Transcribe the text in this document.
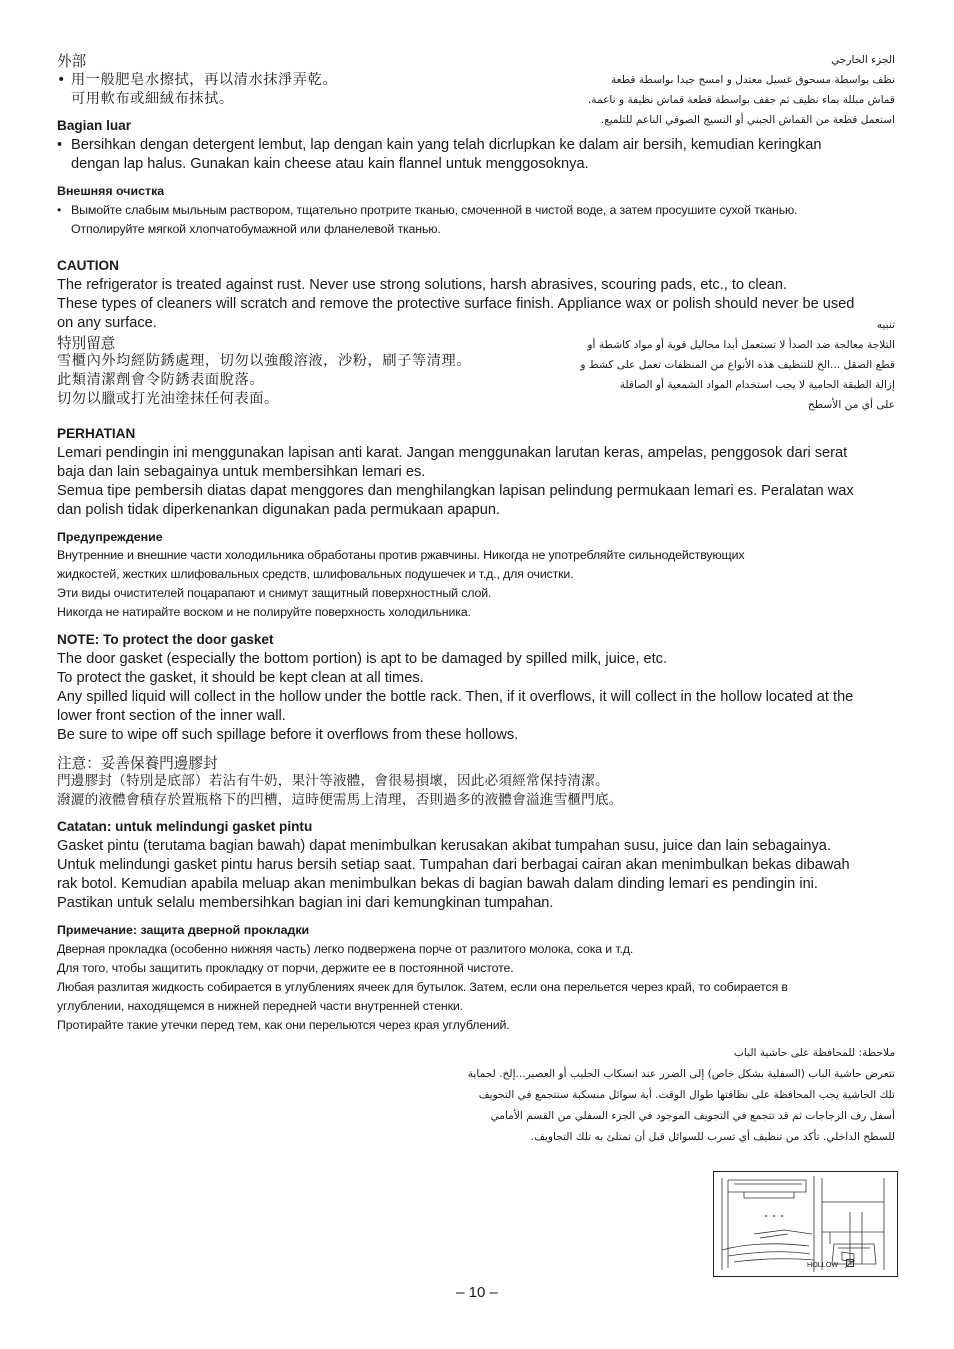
外部
• 用一般肥皂水擦拭，再以清水抹淨弄乾。
可用軟布或細絨布抹拭。
الجزء الخارجي
نظف بواسطة مسحوق غسيل معتدل و امسح جيدا بواسطة قطعة
قماش مبللة بماء نظيف ثم جفف بواسطة قطعة قماش نظيفة و ناعمة.
استعمل قطعة من القماش الجبني أو النسيج الصوفي الناعم للتلميع.
Bagian luar
• Bersihkan dengan detergent lembut, lap dengan kain yang telah dicrlupkan ke dalam air bersih, kemudian keringkan
dengan lap halus. Gunakan kain cheese atau kain flannel untuk menggosoknya.
Внешняя очистка
• Вымойте слабым мыльным раствором, тщательно протрите тканью, смоченной в чистой воде, а затем просушите сухой тканью.
Отполируйте мягкой хлопчатобумажной или фланелевой тканью.
CAUTION
The refrigerator is treated against rust. Never use strong solutions, harsh abrasives, scouring pads, etc., to clean.
These types of cleaners will scratch and remove the protective surface finish. Appliance wax or polish should never be used
on any surface.
特別留意
雪櫃內外均經防銹處理，切勿以強酸溶液，沙粉，刷子等清理。
此類清潔劑會令防銹表面脫落。
切勿以臘或打光油塗抹任何表面。
تنبيه
التلاجة معالجة ضد الصدأ لا تستعمل أبدا محاليل قوية أو مواد كاشطة أو
قطع الصقل ...الخ للتنظيف هذه الأنواع من المنظفات تعمل على كشط و
إزالة الطبقة الحامية لا يجب استخدام المواد الشمعية أو الصاقلة
على أي من الأسطح
PERHATIAN
Lemari pendingin ini menggunakan lapisan anti karat. Jangan menggunakan larutan keras, ampelas, penggosok dari serat
baja dan lain sebagainya untuk membersihkan lemari es.
Semua tipe pembersih diatas dapat menggores dan menghilangkan lapisan pelindung permukaan lemari es. Peralatan wax
dan polish tidak diperkenankan digunakan pada permukaan apapun.
Предупреждение
Внутренние и внешние части холодильника обработаны против ржавчины. Никогда не употребляйте сильнодействующих
жидкостей, жестких шлифовальных средств, шлифовальных подушечек и т.д., для очистки.
Эти виды очистителей поцарапают и снимут защитный поверхностный слой.
Никогда не натирайте воском и не полируйте поверхность холодильника.
NOTE: To protect the door gasket
The door gasket (especially the bottom portion) is apt to be damaged by spilled milk, juice, etc.
To protect the gasket, it should be kept clean at all times.
Any spilled liquid will collect in the hollow under the bottle rack. Then, if it overflows, it will collect in the hollow located at the
lower front section of the inner wall.
Be sure to wipe off such spillage before it overflows from these hollows.
注意：妥善保養門邊膠封
門邊膠封（特別是底部）若沾有牛奶，果汁等液體，會很易損壞，因此必須經常保持清潔。
潑灑的液體會積存於置瓶格下的凹槽，這時便需馬上清理，否則過多的液體會溢進雪櫃門底。
Catatan: untuk melindungi gasket pintu
Gasket pintu (terutama bagian bawah) dapat menimbulkan kerusakan akibat tumpahan susu, juice dan lain sebagainya.
Untuk melindungi gasket pintu harus bersih setiap saat. Tumpahan dari berbagai cairan akan menimbulkan bekas dibawah
rak botol. Kemudian apabila meluap akan menimbulkan bekas di bagian bawah dalam dinding lemari es pendingin ini.
Pastikan untuk selalu membersihkan bagian ini dari kemungkinan tumpahan.
Примечание: защита дверной прокладки
Дверная прокладка (особенно нижняя часть) легко подвержена порче от разлитого молока, сока и т.д.
Для того, чтобы защитить прокладку от порчи, держите ее в постоянной чистоте.
Любая разлитая жидкость собирается в углублениях ячеек для бутылок. Затем, если она перельется через край, то собирается в
углублении, находящемся в нижней передней части внутренней стенки.
Протирайте такие утечки перед тем, как они перельются через края углублений.
ملاحظة: للمحافظة على حاشية الباب
تتعرض حاشية الباب (السفلية بشكل خاص) إلى الضرر عند انسكاب الحليب أو العصير...إلخ. لحماية
تلك الحاشية يجب المحافظة على نظافتها طوال الوقت. أية سوائل منسكبة ستتجمع في التجويف
أسفل رف الزجاجات ثم قد تتجمع في التجويف الموجود في الجزء السفلي من القسم الأمامي
للسطح الداخلي. تأكد من تنظيف أي تسرب للسوائل قبل أن تمتلئ به تلك التجاويف.
HOLLOW
– 10 –
